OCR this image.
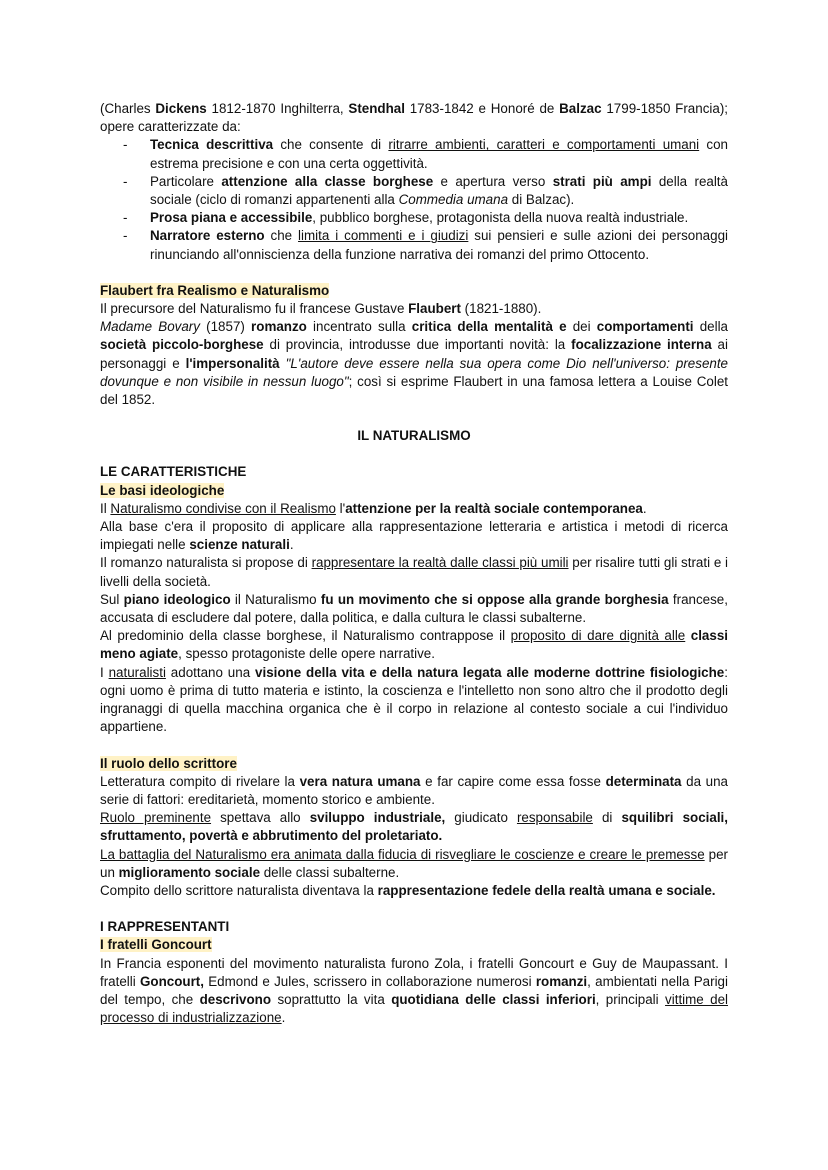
(Charles Dickens 1812-1870 Inghilterra, Stendhal 1783-1842 e Honoré de Balzac 1799-1850 Francia); opere caratterizzate da:

- Tecnica descrittiva che consente di ritrarre ambienti, caratteri e comportamenti umani con estrema precisione e con una certa oggettività.
- Particolare attenzione alla classe borghese e apertura verso strati più ampi della realtà sociale (ciclo di romanzi appartenenti alla Commedia umana di Balzac).
- Prosa piana e accessibile, pubblico borghese, protagonista della nuova realtà industriale.
- Narratore esterno che limita i commenti e i giudizi sui pensieri e sulle azioni dei personaggi rinunciando all'onniscienza della funzione narrativa dei romanzi del primo Ottocento.

Flaubert fra Realismo e Naturalismo

Il precursore del Naturalismo fu il francese Gustave Flaubert (1821-1880).

Madame Bovary (1857) romanzo incentrato sulla critica della mentalità e dei comportamenti della società piccolo-borghese di provincia, introdusse due importanti novità: la focalizzazione interna ai personaggi e l'impersonalità "L'autore deve essere nella sua opera come Dio nell'universo: presente dovunque e non visibile in nessun luogo"; così si esprime Flaubert in una famosa lettera a Louise Colet del 1852.

IL NATURALISMO

LE CARATTERISTICHE

Le basi ideologiche

Il Naturalismo condivise con il Realismo l'attenzione per la realtà sociale contemporanea.

Alla base c'era il proposito di applicare alla rappresentazione letteraria e artistica i metodi di ricerca impiegati nelle scienze naturali.

Il romanzo naturalista si propose di rappresentare la realtà dalle classi più umili per risalire tutti gli strati e i livelli della società.

Sul piano ideologico il Naturalismo fu un movimento che si oppose alla grande borghesia francese, accusata di escludere dal potere, dalla politica, e dalla cultura le classi subalterne.

Al predominio della classe borghese, il Naturalismo contrappose il proposito di dare dignità alle classi meno agiate, spesso protagoniste delle opere narrative.

I naturalisti adottano una visione della vita e della natura legata alle moderne dottrine fisiologiche: ogni uomo è prima di tutto materia e istinto, la coscienza e l'intelletto non sono altro che il prodotto degli ingranaggi di quella macchina organica che è il corpo in relazione al contesto sociale a cui l'individuo appartiene.

Il ruolo dello scrittore

Letteratura compito di rivelare la vera natura umana e far capire come essa fosse determinata da una serie di fattori: ereditarietà, momento storico e ambiente.

Ruolo preminente spettava allo sviluppo industriale, giudicato responsabile di squilibri sociali, sfruttamento, povertà e abbrutimento del proletariato.

La battaglia del Naturalismo era animata dalla fiducia di risvegliare le coscienze e creare le premesse per un miglioramento sociale delle classi subalterne.

Compito dello scrittore naturalista diventava la rappresentazione fedele della realtà umana e sociale.

I RAPPRESENTANTI

I fratelli Goncourt

In Francia esponenti del movimento naturalista furono Zola, i fratelli Goncourt e Guy de Maupassant. I fratelli Goncourt, Edmond e Jules, scrissero in collaborazione numerosi romanzi, ambientati nella Parigi del tempo, che descrivono soprattutto la vita quotidiana delle classi inferiori, principali vittime del processo di industrializzazione.
